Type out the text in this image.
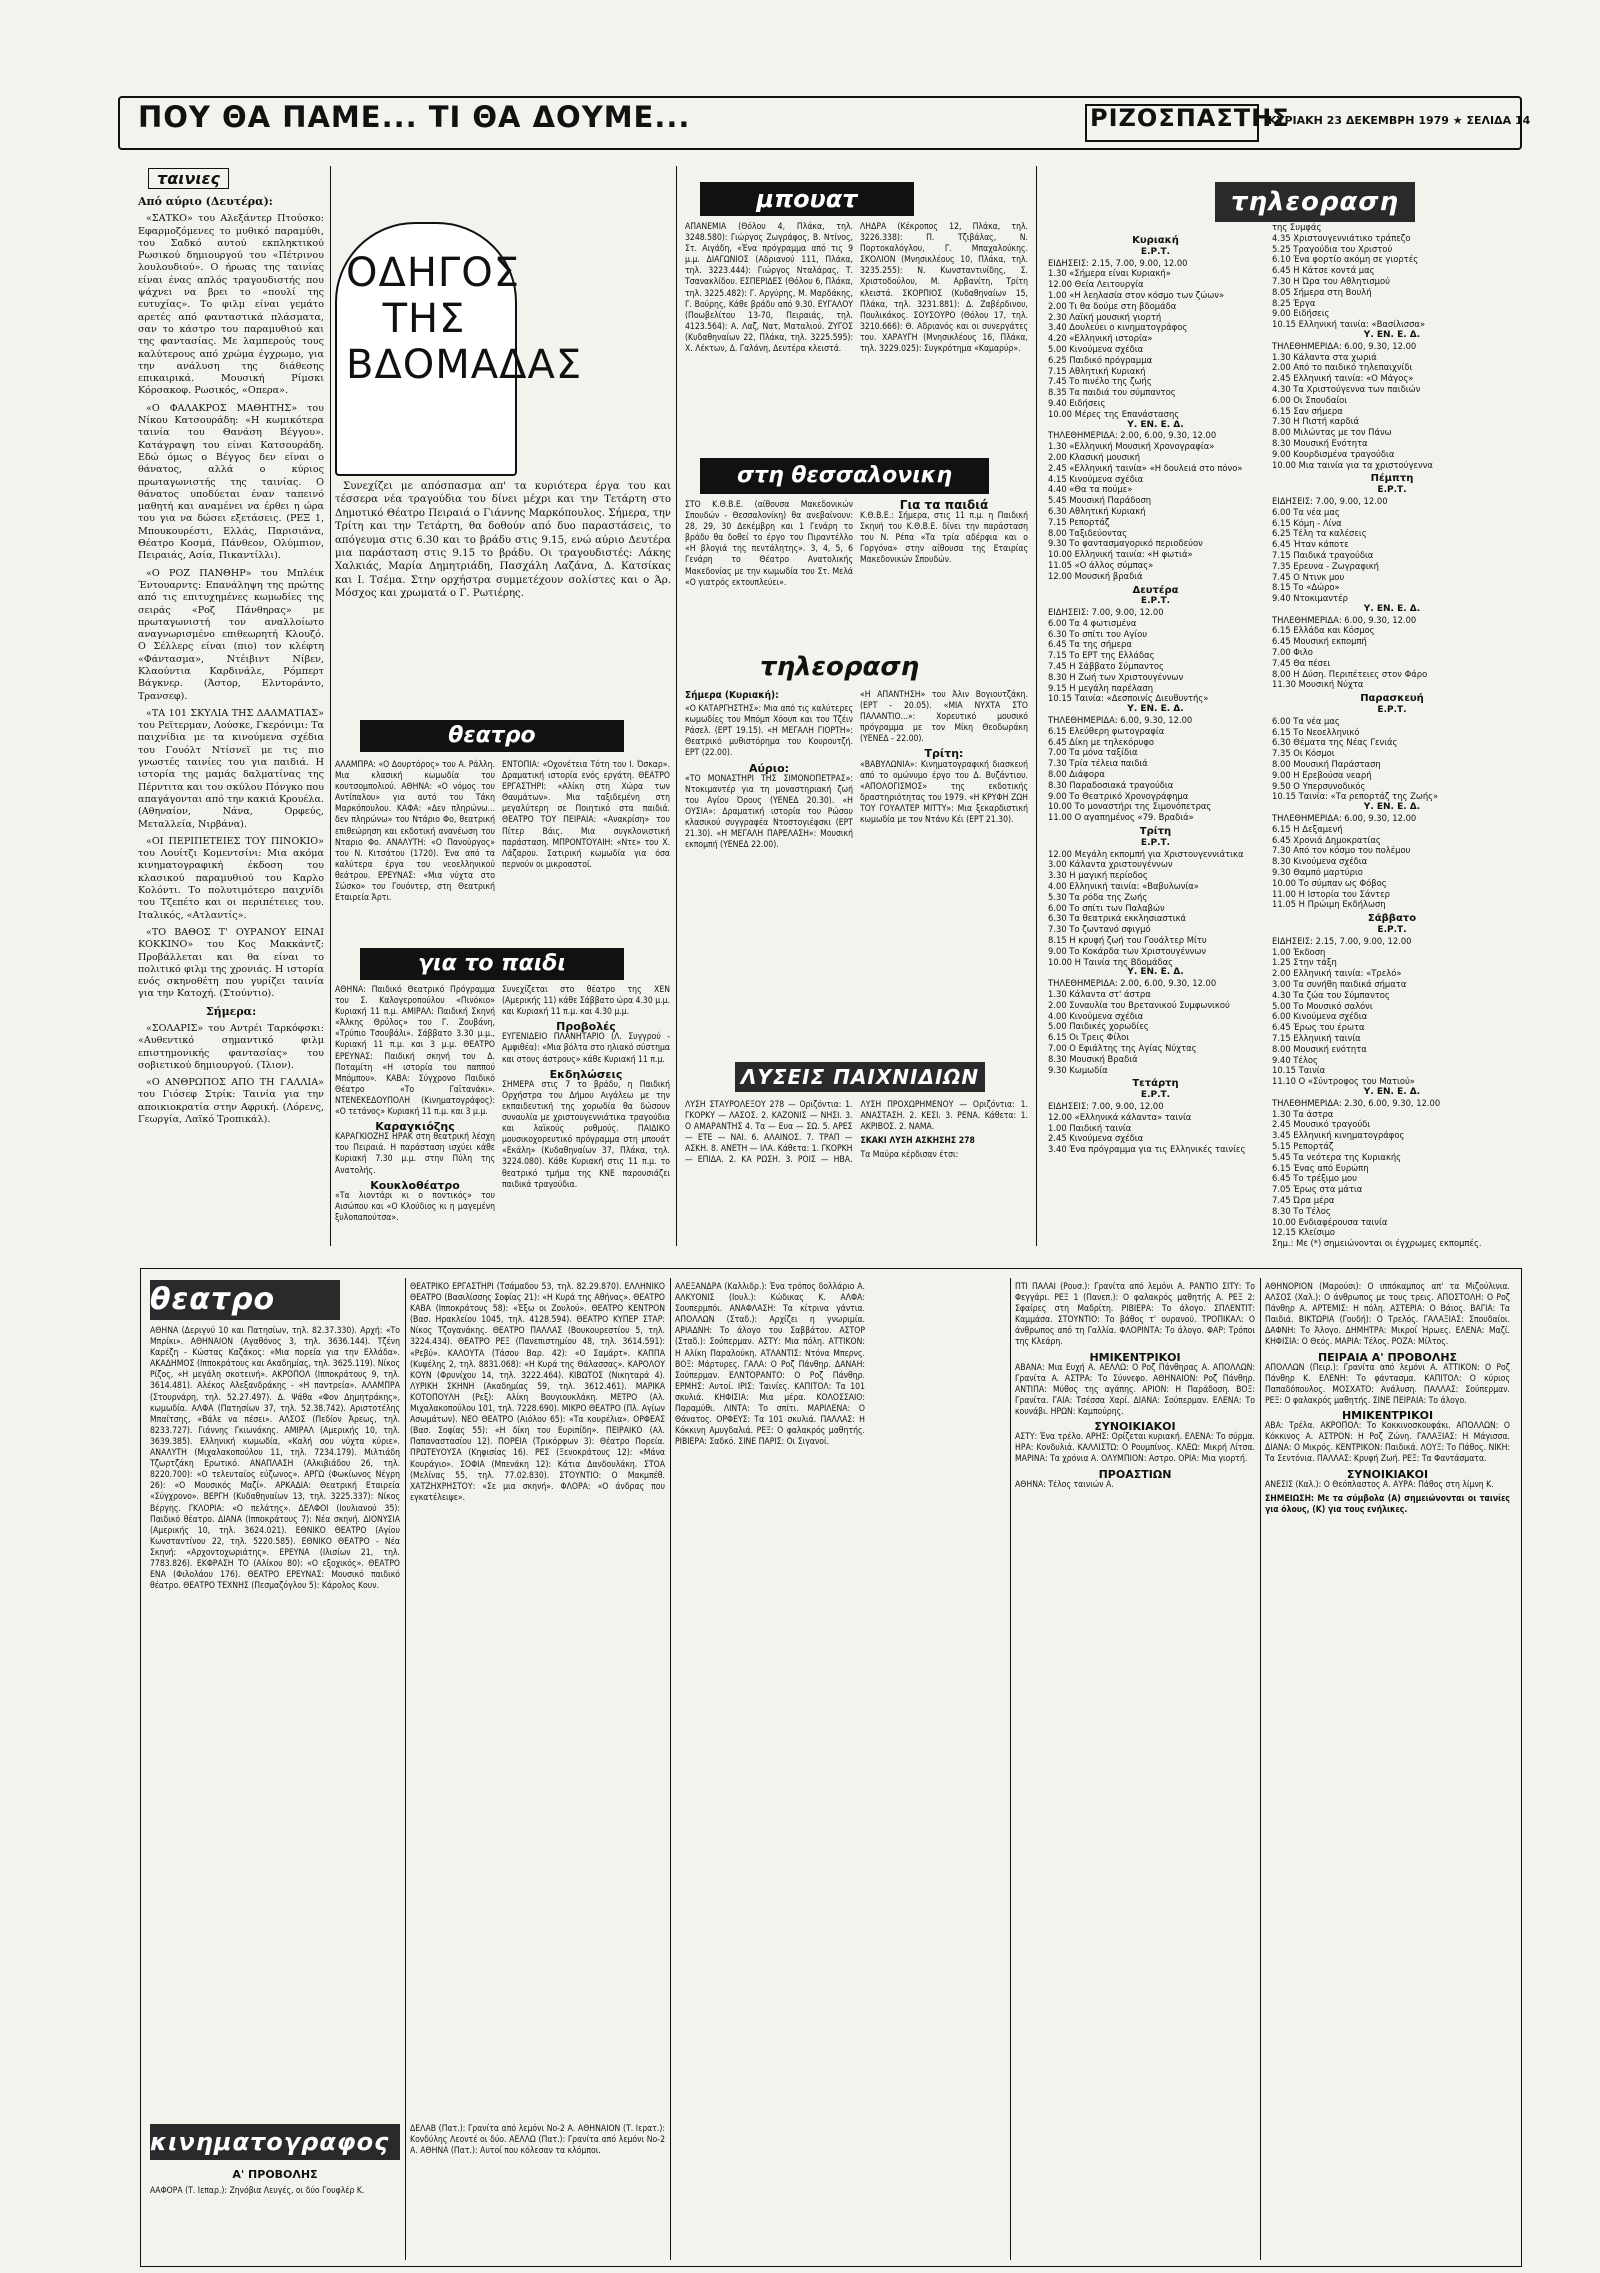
ΠΟΥ ΘΑ ΠΑΜΕ... ΤΙ ΘΑ ΔΟΥΜΕ...	ΡΙΖΟΣΠΑΣΤΗΣ
ΚΥΡΙΑΚΗ 23 ΔΕΚΕΜΒΡΗ 1979 ★ ΣΕΛΙΔΑ 14
ταινιες

Από αύριο (Δευτέρα):

«ΣΑΤΚΟ» του Αλεξάντερ Πτούσκο: Εφαρμοζόμενες το μυθικό παραμύθι, του Σαδκό αυτού εκπληκτικού Ρωσικού δημιουργού του «Πέτρινου λουλουδιού». Ο ήρωας της ταινίας είναι ένας απλός τραγουδιστής που ψάχνει να βρει το «πουλί της ευτυχίας». Το φιλμ είναι γεμάτο αρετές από φανταστικά πλάσματα, σαν το κάστρο του παραμυθιού και της φαντασίας. Με λαμπερούς τους καλύτερους από χρώμα έγχρωμο, για την ανάλυση της διάθεσης επικαιρικά. Μουσική Ρίμσκι Κόρσακοφ. Ρωσικός, «Οπερα».

«Ο ΦΑΛΑΚΡΟΣ ΜΑΘΗΤΗΣ» του Νίκου Κατσουράδη: «Η κωμικότερα ταινία του Θανάση Βέγγου». Κατάγραψη του είναι Κατσουράδη. Εδώ όμως ο Βέγγος δεν είναι ο θάνατος, αλλά ο κύριος πρωταγωνιστής της ταινίας. Ο θάνατος υποδύεται έναν ταπεινό μαθητή και αναμένει να έρθει η ώρα του για να δώσει εξετάσεις. (ΡΕΞ 1, Μπουκουρέστι, Ελλάς, Παρισιάνα, Θέατρο Κοσμά, Πάνθεον, Ολύμπιον, Πειραιάς, Ασία, Πικαντίλλι).

«Ο ΡΟΖ ΠΑΝΘΗΡ» του Μπλέικ Έντουαρντς: Επανάληψη της πρώτης από τις επιτυχημένες κωμωδίες της σειράς «Ροζ Πάνθηρας» με πρωταγωνιστή τον αναλλοίωτο αναγνωρισμένο επιθεωρητή Κλουζό. Ο Σέλλερς είναι (πιο) τον κλέφτη «Φάντασμα», Ντέιβιντ Νίβεν, Κλαούντια Καρδινάλε, Ρόμπερτ Βάγκνερ. (Άστορ, Ελντοράντο, Τρανσεφ).

«ΤΑ 101 ΣΚΥΛΙΑ ΤΗΣ ΔΑΛΜΑΤΙΑΣ» του Ρεϊτερμαν, Λούσκε, Γκερόνιμι: Τα παιχνίδια με τα κινούμενα σχέδια του Γουόλτ Ντίσνεϊ με τις πιο γνωστές ταινίες του για παιδιά. Η ιστορία της μαμάς δαλματίνας της Πέρντιτα και του σκύλου Πόνγκο που απαγάγονται από την κακιά Κρουέλα. (Αθηναίον, Νάνα, Ορφεύς, Μεταλλεία, Νιρβάνα).

«ΟΙ ΠΕΡΙΠΕΤΕΙΕΣ ΤΟΥ ΠΙΝΟΚΙΟ» του Λουίτζι Κομεντσίνι: Μια ακόμα κινηματογραφική έκδοση του κλασικού παραμυθιού του Καρλο Κολόντι. Το πολυτιμότερο παιχνίδι του Τζεπέτο και οι περιπέτειες του. Ιταλικός, «Ατλαντίς».

«ΤΟ ΒΑΘΟΣ Τ' ΟΥΡΑΝΟΥ ΕΙΝΑΙ ΚΟΚΚΙΝΟ» του Κος Μακκάντζ: Προβάλλεται και θα είναι το πολιτικό φιλμ της χρονιάς. Η ιστορία ενός σκηνοθέτη που γυρίζει ταινία για την Κατοχή. (Στούντιο).

Σήμερα:

«ΣΟΛΑΡΙΣ» του Αντρέι Ταρκόφσκι: «Αυθεντικό σημαντικό φιλμ επιστημονικής φαντασίας» του σοβιετικού δημιουργού. (Ίλιον).

«Ο ΑΝΘΡΩΠΟΣ ΑΠΟ ΤΗ ΓΑΛΛΙΑ» του Γιόσεφ Στρίκ: Ταινία για την αποικιοκρατία στην Αφρική. (Λόρενς, Γεωργία, Λαϊκό Τροπικάλ).

ΟΔΗΓΟΣ
ΤΗΣ
ΒΔΟΜΑΔΑΣ

Συνεχίζει με απόσπασμα απ' τα κυριότερα έργα του και τέσσερα νέα τραγούδια του δίνει μέχρι και την Τετάρτη στο Δημοτικό Θέατρο Πειραιά ο Γιάννης Μαρκόπουλος. Σήμερα, την Τρίτη και την Τετάρτη, θα δοθούν από δυο παραστάσεις, το απόγευμα στις 6.30 και το βράδυ στις 9.15, ενώ αύριο Δευτέρα μια παράσταση στις 9.15 το βράδυ. Οι τραγουδιστές: Λάκης Χαλκιάς, Μαρία Δημητριάδη, Πασχάλη Λαζάνα, Δ. Κατσίκας και Ι. Τσέμα. Στην ορχήστρα συμμετέχουν σολίστες και ο Άρ. Μόσχος και χρωματά ο Γ. Ρωτιέρης.

θεατρο

ΑΛΑΜΠΡΑ: «Ο Δουρτόρος» του Α. Ράλλη. Μια κλασική κωμωδία του κουτσομπολιού. ΑΘΗΝΑ: «Ο νόμος του Αντίπαλου» για αυτό του Τάκη Μαρκόπουλου. ΚΑΦΑ: «Δεν πληρώνω... δεν πληρώνω» του Ντάριο Φο, θεατρική επιθεώρηση και εκδοτική ανανέωση του Νταριο Φο. ΑΝΑΛΥΤΗ: «Ο Πανούργος» του Ν. Κιτσάτου (1720). Ένα από τα καλύτερα έργα του νεοελληνικού θεάτρου. ΕΡΕΥΝΑΣ: «Μια νύχτα στο Σώσκο» του Γουόντερ, στη Θεατρική Εταιρεία Άρτι.

ΕΝΤΟΠΙΑ: «Οχονέτεια Τότη του Ι. Όσκαρ». Δραματική ιστορία ενός εργάτη. ΘΕΑΤΡΟ ΕΡΓΑΣΤΗΡΙ: «Αλίκη στη Χώρα των Θαυμάτων». Μια ταξιδεμένη στη μεγαλύτερη σε Ποιητικό στα παιδιά. ΘΕΑΤΡΟ ΤΟΥ ΠΕΙΡΑΙΑ: «Ανακρίση» του Πίτερ Βάις. Μια συγκλονιστική παράσταση. ΜΠΡΟΝΤΟΥΑΙΗ: «Ντε» του Χ. Λάζαρου. Σατιρική κωμωδία για όσα περνούν οι μικροαστοί.

για το παιδι

ΑΘΗΝΑ: Παιδικό Θεατρικό Πρόγραμμα του Σ. Καλογεροπούλου «Πινόκιο» Κυριακή 11 π.μ. ΑΜΙΡΑΛ: Παιδική Σκηνή «Άλκης Θρύλος» του Γ. Ζουβάνη, «Τρύπιο Τσουβάλι». Σάββατο 3.30 μ.μ., Κυριακή 11 π.μ. και 3 μ.μ. ΘΕΑΤΡΟ ΕΡΕΥΝΑΣ: Παιδική σκηνή του Δ. Ποταμίτη «Η ιστορία του παππού Μπόμπου». ΚΑΒΑ: Σύγχρονο Παιδικό Θέατρο «Το Γαϊτανάκι». ΝΤΕΝΕΚΕΔΟΥΠΟΛΗ (Κινηματογράφος): «Ο τετάνος» Κυριακή 11 π.μ. και 3 μ.μ.

Καραγκιόζης

ΚΑΡΑΓΚΙΟΖΗΣ ΗΡΑΚ στη θεατρική λέσχη του Πειραιά. Η παράσταση ισχύει κάθε Κυριακή 7.30 μ.μ. στην Πύλη της Ανατολής.

Κουκλοθέατρο

«Τα λιοντάρι κι ο ποντικός» του Αισώπου και «Ο Κλούδιος κι η μαγεμένη ξυλοπαπούτσα».

Συνεχίζεται στο θέατρο της ΧΕΝ (Αμερικής 11) κάθε Σάββατο ώρα 4.30 μ.μ. και Κυριακή 11 π.μ. και 4.30 μ.μ.

Προβολές

ΕΥΓΕΝΙΔΕΙΟ ΠΛΑΝΗΤΑΡΙΟ (Λ. Συγγρού - Αμφιθέα): «Μια βόλτα στο ηλιακό σύστημα και στους άστρους» κάθε Κυριακή 11 π.μ.

Εκδηλώσεις

ΣΗΜΕΡΑ στις 7 το βράδυ, η Παιδική Ορχήστρα του Δήμου Αιγάλεω με την εκπαιδευτική της χορωδία θα δώσουν συναυλία με χριστουγεννιάτικα τραγούδια και λαϊκούς ρυθμούς. ΠΑΙΔΙΚΟ μουσικοχορευτικό πρόγραμμα στη μπουάτ «Εκάλη» (Κυδαθηναίων 37, Πλάκα, τηλ. 3224.080). Κάθε Κυριακή στις 11 π.μ. το θεατρικό τμήμα της ΚΝΕ παρουσιάζει παιδικά τραγούδια.

μπουατ

ΑΠΑΝΕΜΙΑ (Θόλου 4, Πλάκα, τηλ. 3248.580): Γιώργος Ζωγράφος, Β. Ντίνος, Στ. Αιγάδη, «Ένα πρόγραμμα από τις 9 μ.μ. ΔΙΑΓΩΝΙΟΣ (Αδριανού 111, Πλάκα, τηλ. 3223.444): Γιώργος Νταλάρας, Τ. Τσανακλίδου. ΕΣΠΕΡΙΔΕΣ (Θόλου 6, Πλάκα, τηλ. 3225.482): Γ. Αργύρης, Μ. Μαρδάκης, Γ. Βούρης, Κάθε βράδυ από 9.30. ΕΥΓΑΛΟΥ (Ποωβελίτου 13-70, Πειραιάς, τηλ. 4123.564): Α. Λαζ, Νατ, Ματαλιού. ΖΥΓΟΣ (Κυδαθηναίων 22, Πλάκα, τηλ. 3225.595): Χ. Λέκτων, Δ. Γαλάνη, Δευτέρα κλειστά.

ΛΗΔΡΑ (Κέκροπος 12, Πλάκα, τηλ. 3226.338): Π. Τζιβάλας, Ν. Πορτοκαλόγλου, Γ. Μπαχαλούκης. ΣΚΟΛΙΟΝ (Μνησικλέους 10, Πλάκα, τηλ. 3235.255): Ν. Κωνσταντινίδης, Σ. Χριστοδούλου, Μ. Αρβανίτη, Τρίτη κλειστά. ΣΚΟΡΠΙΟΣ (Κυδαθηναίων 15, Πλάκα, τηλ. 3231.881): Δ. Ζαβέρδινου, Πουλικάκος. ΣΟΥΣΟΥΡΟ (Θόλου 17, τηλ. 3210.666): Θ. Αδριανός και οι συνεργάτες του. ΧΑΡΑΥΓΗ (Μνησικλέους 16, Πλάκα, τηλ. 3229.025): Συγκρότημα «Καμαρύρ».

στη θεσσαλονικη

ΣΤΟ Κ.Θ.Β.Ε. (αίθουσα Μακεδονικών Σπουδών - Θεσσαλονίκη) θα ανεβαίνουν: 28, 29, 30 Δεκέμβρη και 1 Γενάρη το βράδυ θα δοθεί το έργο του Πιραντέλλο «Η βλογιά της πεντάλητης». 3, 4, 5, 6 Γενάρη το Θέατρο Ανατολικής Μακεδονίας με την κωμωδία του Στ. Μελά «Ο γιατρός εκτουπλεύει».

Για τα παιδιά

Κ.Θ.Β.Ε.: Σήμερα, στις 11 π.μ. η Παιδική Σκηνή του Κ.Θ.Β.Ε. δίνει την παράσταση του Ν. Ρέπα «Τα τρία αδέρφια και ο Γοργόνα» στην αίθουσα της Εταιρίας Μακεδονικών Σπουδών.

τηλεοραση

Σήμερα (Κυριακή):

«Ο ΚΑΤΑΡΓΗΣΤΗΣ»: Μια από τις καλύτερες κωμωδίες του Μπόμπ Χόουπ και του Τζέιν Ράσελ. (ΕΡΤ 19.15). «Η ΜΕΓΑΛΗ ΓΙΟΡΤΗ»: Θεατρικό μυθιστόρημα του Κουρουτζή. ΕΡΤ (22.00).

Αύριο:

«ΤΟ ΜΟΝΑΣΤΗΡΙ ΤΗΣ ΣΙΜΟΝΟΠΕΤΡΑΣ»: Ντοκιμαντέρ για τη μοναστηριακή ζωή του Αγίου Όρους (ΥΕΝΕΔ 20.30). «Η ΟΥΣΙΑ»: Δραματική ιστορία του Ρώσου κλασικού συγγραφέα Ντοστογιέφσκι (ΕΡΤ 21.30). «Η ΜΕΓΑΛΗ ΠΑΡΕΛΑΣΗ»: Μουσική εκπομπή (ΥΕΝΕΔ 22.00).

«Η ΑΠΑΝΤΗΣΗ» του Άλιν Βογιουτζάκη. (ΕΡΤ - 20.05). «ΜΙΑ ΝΥΧΤΑ ΣΤΟ ΠΑΛΑΝΤΙΟ...»: Χορευτικό μουσικό πρόγραμμα με τον Μίκη Θεοδωράκη (ΥΕΝΕΔ - 22.00).

Τρίτη:

«ΒΑΒΥΛΩΝΙΑ»: Κινηματογραφική διασκευή από το ομώνυμο έργο του Δ. Βυζάντιου. «ΑΠΟΛΟΓΙΣΜΟΣ» της εκδοτικής δραστηριότητας του 1979. «Η ΚΡΥΦΗ ΖΩΗ ΤΟΥ ΓΟΥΑΛΤΕΡ ΜΙΤΤΥ»: Μια ξεκαρδιστική κωμωδία με τον Ντάνυ Κέι (ΕΡΤ 21.30).

ΛΥΣΕΙΣ ΠΑΙΧΝΙΔΙΩΝ

ΛΥΣΗ ΣΤΑΥΡΟΛΕΞΟΥ 278 — Οριζόντια: 1. ΓΚΟΡΚΥ — ΛΑΣΟΣ. 2. ΚΑΖΟΝΙΣ — ΝΗΣΙ. 3. Ο ΑΜΑΡΑΝΤΗΣ 4. Τα — Ευα — ΣΩ. 5. ΑΡΕΣ — ΕΤΕ — ΝΑΙ. 6. ΑΛΑΙΝΟΣ. 7. ΤΡΑΠ — ΑΣΚΗ. 8. ΑΝΕΤΗ — ΙΛΑ. Κάθετα: 1. ΓΚΟΡΚΗ — ΕΠΙΔΑ. 2. ΚΑ ΡΩΣΗ. 3. ΡΟΙΣ — ΗΒΑ. ΛΥΣΗ ΠΡΟΧΩΡΗΜΕΝΟΥ — Οριζόντια: 1. ΑΝΑΣΤΑΣΗ. 2. ΚΕΣΙ. 3. ΡΕΝΑ. Κάθετα: 1. ΑΚΡΙΒΟΣ. 2. ΝΑΜΑ.

ΣΚΑΚΙ ΛΥΣΗ ΑΣΚΗΣΗΣ 278

Τα Μαύρα κέρδισαν έτσι:

τηλεοραση
Κυριακή
Ε.Ρ.Τ.
ΕΙΔΗΣΕΙΣ: 2.15, 7.00, 9.00, 12.00
1.30 «Σήμερα είναι Κυριακή»
12.00 Θεία Λειτουργία
1.00 «Η λεηλασία στον κόσμο των ζώων»
2.00 Τι θα δούμε στη βδομάδα
2.30 Λαϊκή μουσική γιορτή
3.40 Δουλεύει ο κινηματογράφος
4.20 «Ελληνική ιστορία»
5.00 Κινούμενα σχέδια
6.25 Παιδικό πρόγραμμα
7.15 Αθλητική Κυριακή
7.45 Το πινέλο της ζωής
8.35 Τα παιδιά του σύμπαντος
9.40 Ειδήσεις
10.00 Μέρες της Επανάστασης
Υ. ΕΝ. Ε. Δ.
ΤΗΛΕΘΗΜΕΡΙΔΑ: 2.00, 6.00, 9.30, 12.00
1.30 «Ελληνική Μουσική Χρονογραφία»
2.00 Κλασική μουσική
2.45 «Ελληνική ταινία» «Η δουλειά στο πόνο»
4.15 Κινούμενα σχέδια
4.40 «Θα τα πούμε»
5.45 Μουσική Παράδοση
6.30 Αθλητική Κυριακή
7.15 Ρεπορτάζ
8.00 Ταξιδεύοντας
9.30 Το φαντασμαγορικό περιοδεύον
10.00 Ελληνική ταινία: «Η φωτιά»
11.05 «Ο άλλος σύμπας»
12.00 Μουσική βραδιά
Δευτέρα
Ε.Ρ.Τ.
ΕΙΔΗΣΕΙΣ: 7.00, 9.00, 12.00
6.00 Τα 4 φωτισμένα
6.30 Το σπίτι του Αγίου
6.45 Τα της σήμερα
7.15 Το ΕΡΤ της Ελλάδας
7.45 Η Σάββατο Σύμπαντος
8.30 Η Ζωή των Χριστουγέννων
9.15 Η μεγάλη παρέλαση
10.15 Ταινία: «Δεσποινίς Διευθυντής»
Υ. ΕΝ. Ε. Δ.
ΤΗΛΕΘΗΜΕΡΙΔΑ: 6.00, 9.30, 12.00
6.15 Ελεύθερη φωτογραφία
6.45 Δίκη με τηλεκόρυφο
7.00 Τα μόνα ταξίδια
7.30 Τρία τέλεια παιδιά
8.00 Διάφορα
8.30 Παραδοσιακά τραγούδια
9.00 Το Θεατρικό Χρονογράφημα
10.00 Το μοναστήρι της Σιμονόπετρας
11.00 Ο αγαπημένος «79. Βραδιά»
Τρίτη
Ε.Ρ.Τ.
12.00 Μεγάλη εκπομπή για Χριστουγεννιάτικα
3.00 Κάλαντα χριστουγέννων
3.30 Η μαγική περίοδος
4.00 Ελληνική ταινία: «Βαβυλωνία»
5.30 Τα ρόδα της Ζωής
6.00 Το σπίτι των Παλαβών
6.30 Τα θεατρικά εκκλησιαστικά
7.30 Το ζωντανό σφιγμό
8.15 Η κρυφή ζωή του Γουάλτερ Μίτυ
9.00 Το Κοκάρδα των Χριστουγέννων
10.00 Η Ταινία της Βδομάδας
Υ. ΕΝ. Ε. Δ.
ΤΗΛΕΘΗΜΕΡΙΔΑ: 2.00, 6.00, 9.30, 12.00
1.30 Κάλαντα στ' άστρα
2.00 Συναυλία του Βρετανικού Συμφωνικού
4.00 Κινούμενα σχέδια
5.00 Παιδικές χορωδίες
6.15 Οι Τρεις Φίλοι
7.00 Ο Εφιάλτης της Αγίας Νύχτας
8.30 Μουσική Βραδιά
9.30 Κωμωδία
Τετάρτη
Ε.Ρ.Τ.
ΕΙΔΗΣΕΙΣ: 7.00, 9.00, 12.00
12.00 «Ελληνικά κάλαντα» ταινία
1.00 Παιδική ταινία
2.45 Κινούμενα σχέδια
3.40 Ένα πρόγραμμα για τις Ελληνικές ταινίες
της Συμφάς
4.35 Χριστουγεννιάτικο τράπεζο
5.25 Τραγούδια του Χριστού
6.10 Ένα φορτίο ακόμη σε γιορτές
6.45 Η Κάτσε κοντά μας
7.30 Η Ώρα του Αθλητισμού
8.05 Σήμερα στη Βουλή
8.25 Έργα
9.00 Ειδήσεις
10.15 Ελληνική ταινία: «Βασίλισσα»
Υ. ΕΝ. Ε. Δ.
ΤΗΛΕΘΗΜΕΡΙΔΑ: 6.00, 9.30, 12.00
1.30 Κάλαντα στα χωριά
2.00 Από το παιδικό τηλεπαιχνίδι
2.45 Ελληνική ταινία: «Ο Μάγος»
4.30 Τα Χριστούγεννα των παιδιών
6.00 Οι Σπουδαίοι
6.15 Σαν σήμερα
7.30 Η Πιστή καρδιά
8.00 Μιλώντας με τον Πάνω
8.30 Μουσική Ενότητα
9.00 Κουρδισμένα τραγούδια
10.00 Μια ταινία για τα χριστούγεννα
Πέμπτη
Ε.Ρ.Τ.
ΕΙΔΗΣΕΙΣ: 7.00, 9.00, 12.00
6.00 Τα νέα μας
6.15 Κόμη - Λίνα
6.25 Τέλη τα καλέσεις
6.45 Ήταν κάποτε
7.15 Παιδικά τραγούδια
7.35 Ερευνα - Ζωγραφική
7.45 Ο Ντινκ μου
8.15 Το «Δώρο»
9.40 Ντοκιμαντέρ
Υ. ΕΝ. Ε. Δ.
ΤΗΛΕΘΗΜΕΡΙΔΑ: 6.00, 9.30, 12.00
6.15 Ελλάδα και Κόσμος
6.45 Μουσική εκπομπή
7.00 Φιλο
7.45 Θα πέσει
8.00 Η Δύση. Περιπέτειες στον Φάρο
11.30 Μουσική Νύχτα
Παρασκευή
Ε.Ρ.Τ.
6.00 Τα νέα μας
6.15 Το Νεοελληνικό
6.30 Θέματα της Νέας Γενιάς
7.35 Οι Κόσμοι
8.00 Μουσική Παράσταση
9.00 Η Ερεβούσα νεαρή
9.50 Ο Υπερσυνοδικός
10.15 Ταινία: «Τα ρεπορτάζ της Ζωής»
Υ. ΕΝ. Ε. Δ.
ΤΗΛΕΘΗΜΕΡΙΔΑ: 6.00, 9.30, 12.00
6.15 Η Δεξαμενή
6.45 Χρονιά Δημοκρατίας
7.30 Από τον κόσμο του πολέμου
8.30 Κινούμενα σχέδια
9.30 Θαμπό μαρτύριο
10.00 Το σύμπαν ως Φόβος
11.00 Η Ιστορία του Σάντερ
11.05 Η Πρώιμη Εκδήλωση
Σάββατο
Ε.Ρ.Τ.
ΕΙΔΗΣΕΙΣ: 2.15, 7.00, 9.00, 12.00
1.00 Έκδοση
1.25 Στην τάξη
2.00 Ελληνική ταινία: «Τρελό»
3.00 Τα συνήθη παιδικά σήματα
4.30 Τα ζώα του Σύμπαντος
5.00 Το Μουσικό σαλόνι
6.00 Κινούμενα σχέδια
6.45 Έρως του έρωτα
7.15 Ελληνική ταινία
8.00 Μουσική ενότητα
9.40 Τέλος
10.15 Ταινία
11.10 Ο «Σύντροφος του Ματιού»
Υ. ΕΝ. Ε. Δ.
ΤΗΛΕΘΗΜΕΡΙΔΑ: 2.30, 6.00, 9.30, 12.00
1.30 Τα άστρα
2.45 Μουσικό τραγούδι
3.45 Ελληνική κινηματογράφος
5.15 Ρεπορτάζ
5.45 Τα νεότερα της Κυριακής
6.15 Ένας από Ευρώπη
6.45 Το τρέξιμο μου
7.05 Έρως στα μάτια
7.45 Ώρα μέρα
8.30 Το Τέλος
10.00 Ενδιαφέρουσα ταινία
12.15 Κλείσιμο
Σημ.: Με (*) σημειώνονται οι έγχρωμες εκπομπές.
θεατρο

ΑΘΗΝΑ (Δεριγνύ 10 και Πατησίων, τηλ. 82.37.330). Αρχή: «Το Μπρίκι». ΑΘΗΝΑΙΟΝ (Αγαθόνος 3, τηλ. 3636.144). Τζένη Καρέζη - Κώστας Καζάκος: «Μια πορεία για την Ελλάδα». ΑΚΑΔΗΜΟΣ (Ιπποκράτους και Ακαδημίας, τηλ. 3625.119). Νίκος Ρίζος, «Η μεγάλη σκοτεινή». ΑΚΡΟΠΟΛ (Ιπποκράτους 9, τηλ. 3614.481). Αλέκος Αλεξανδράκης - «Η παντρεία». ΑΛΑΜΠΡΑ (Στουρνάρη, τηλ. 52.27.497). Δ. Ψάθα «Φον Δημητράκης», κωμωδία. ΑΛΦΑ (Πατησίων 37, τηλ. 52.38.742). Αριστοτέλης Μπαίτσης, «Βάλε να πέσει». ΑΛΣΟΣ (Πεδίον Άρεως, τηλ. 8233.727). Γιάννης Γκιωνάκης. ΑΜΙΡΑΛ (Αμερικής 10, τηλ. 3639.385). Ελληνική κωμωδία, «Καλή σου νύχτα κύριε». ΑΝΑΛΥΤΗ (Μιχαλακοπούλου 11, τηλ. 7234.179). Μιλτιάδη Τζωρτζάκη Ερωτικό. ΑΝΑΠΛΑΣΗ (Αλκιβιάδου 26, τηλ. 8220.700): «Ο τελευταίος εύζωνος». ΑΡΓΩ (Φωκίωνος Νέγρη 26): «Ο Μουσικός Μαζί». ΑΡΚΑΔΙΑ: Θεατρική Εταιρεία «Σύγχρονο». ΒΕΡΓΗ (Κυδαθηναίων 13, τηλ. 3225.337): Νίκος Βέργης. ΓΚΛΟΡΙΑ: «Ο πελάτης». ΔΕΛΦΟΙ (Ιουλιανού 35): Παιδικό θέατρο. ΔΙΑΝΑ (Ιπποκράτους 7): Νέα σκηνή. ΔΙΟΝΥΣΙΑ (Αμερικής 10, τηλ. 3624.021). ΕΘΝΙΚΟ ΘΕΑΤΡΟ (Αγίου Κωνσταντίνου 22, τηλ. 5220.585). ΕΘΝΙΚΟ ΘΕΑΤΡΟ - Νέα Σκηνή: «Αρχοντοχωριάτης». ΕΡΕΥΝΑ (Ιλισίων 21, τηλ. 7783.826). ΕΚΦΡΑΣΗ ΤΟ (Αλίκου 80): «Ο εξοχικός». ΘΕΑΤΡΟ ΕΝΑ (Φιλολάου 176). ΘΕΑΤΡΟ ΕΡΕΥΝΑΣ: Μουσικό παιδικό θέατρο. ΘΕΑΤΡΟ ΤΕΧΝΗΣ (Πεσμαζόγλου 5): Κάρολος Κουν.

ΘΕΑΤΡΙΚΟ ΕΡΓΑΣΤΗΡΙ (Τσάμαδου 53, τηλ. 82.29.870). ΕΛΛΗΝΙΚΟ ΘΕΑΤΡΟ (Βασιλίσσης Σοφίας 21): «Η Κυρά της Αθήνας». ΘΕΑΤΡΟ ΚΑΒΑ (Ιπποκράτους 58): «Έξω οι Ζουλού». ΘΕΑΤΡΟ ΚΕΝΤΡΟΝ (Βασ. Ηρακλείου 1045, τηλ. 4128.594). ΘΕΑΤΡΟ ΚΥΠΕΡ ΣΤΑΡ: Νίκος Τζογανάκης. ΘΕΑΤΡΟ ΠΑΛΛΑΣ (Βουκουρεστίου 5, τηλ. 3224.434). ΘΕΑΤΡΟ ΡΕΞ (Πανεπιστημίου 48, τηλ. 3614.591): «Ρεβύ». ΚΑΛΟΥΤΑ (Τάσου Βαρ. 42): «Ο Σαμάρτ». ΚΑΠΠΑ (Κυψέλης 2, τηλ. 8831.068): «Η Κυρά της Θάλασσας». ΚΑΡΟΛΟΥ ΚΟΥΝ (Φρυνίχου 14, τηλ. 3222.464). ΚΙΒΩΤΟΣ (Νικηταρά 4). ΛΥΡΙΚΗ ΣΚΗΝΗ (Ακαδημίας 59, τηλ. 3612.461). ΜΑΡΙΚΑ ΚΟΤΟΠΟΥΛΗ (Ρεξ): Αλίκη Βουγιουκλάκη. ΜΕΤΡΟ (Αλ. Μιχαλακοπούλου 101, τηλ. 7228.690). ΜΙΚΡΟ ΘΕΑΤΡΟ (Πλ. Αγίων Ασωμάτων). ΝΕΟ ΘΕΑΤΡΟ (Αιόλου 65): «Τα κουρέλια». ΟΡΦΕΑΣ (Βασ. Σοφίας 55): «Η δίκη του Ευριπίδη». ΠΕΙΡΑΙΚΟ (Αλ. Παπαναστασίου 12). ΠΟΡΕΙΑ (Τρικόρφων 3): Θέατρο Πορεία. ΠΡΩΤΕΥΟΥΣΑ (Κηφισίας 16). ΡΕΣ (Ξενοκράτους 12): «Μάνα Κουράγιο». ΣΟΦΙΑ (Μπενάκη 12): Κάτια Δανδουλάκη. ΣΤΟΑ (Μελίνας 55, τηλ. 77.02.830). ΣΤΟΥΝΤΙΟ: Ο Μακμπέθ. ΧΑΤΖΗΧΡΗΣΤΟΥ: «Σε μια σκηνή». ΦΛΟΡΑ: «Ο άνδρας που εγκατέλειψε».

ΑΛΕΞΑΝΔΡΑ (Καλλιδρ.): Ένα τρόπος δολλάριο Α. ΑΛΚΥΟΝΙΣ (Ιουλ.): Κώδικας Κ. ΑΛΦΑ: Σουπερμπόι. ΑΝΑΦΛΑΣΗ: Τα κίτρινα γάντια. ΑΠΟΛΛΩΝ (Σταδ.): Αρχίζει η γνωριμία. ΑΡΙΑΔΝΗ: Το άλογο του Σαββάτου. ΑΣΤΟΡ (Σταδ.): Σούπερμαν. ΑΣΤΥ: Μια πόλη. ΑΤΤΙΚΟΝ: Η Αλίκη Παραλούκη. ΑΤΛΑΝΤΙΣ: Ντόνα Μπερνς. ΒΟΞ: Μάρτυρες. ΓΑΛΑ: Ο Ροζ Πάνθηρ. ΔΑΝΑΗ: Σούπερμαν. ΕΛΝΤΟΡΑΝΤΟ: Ο Ροζ Πάνθηρ. ΕΡΜΗΣ: Αυτοί. ΙΡΙΣ: Ταινίες. ΚΑΠΙΤΟΛ: Τα 101 σκυλιά. ΚΗΦΙΣΙΑ: Μια μέρα. ΚΟΛΟΣΣΑΙΟ: Παραμύθι. ΛΙΝΤΑ: Το σπίτι. ΜΑΡΙΛΕΝΑ: Ο Θάνατος. ΟΡΦΕΥΣ: Τα 101 σκυλιά. ΠΑΛΛΑΣ: Η Κόκκινη Αμυγδαλιά. ΡΕΞ: Ο φαλακρός μαθητής. ΡΙΒΙΕΡΑ: Σαδκό. ΣΙΝΕ ΠΑΡΙΣ: Οι Σιγανοί.

ΠΤΙ ΠΑΛΑΙ (Ρουσ.): Γρανίτα από λεμόνι Α. ΡΑΝΤΙΟ ΣΙΤΥ: Το Φεγγάρι. ΡΕΞ 1 (Πανεπ.): Ο φαλακρός μαθητής Α. ΡΕΞ 2: Σφαίρες στη Μαδρίτη. ΡΙΒΙΕΡΑ: Το άλογο. ΣΠΛΕΝΤΙΤ: Καμμάσα. ΣΤΟΥΝΤΙΟ: Το βάθος τ' ουρανού. ΤΡΟΠΙΚΑΛ: Ο άνθρωπος από τη Γαλλία. ΦΛΟΡΙΝΤΑ: Το άλογο. ΦΑΡ: Τρόποι της Κλεάρη.

ΗΜΙΚΕΝΤΡΙΚΟΙ

ΑΒΑΝΑ: Μια Ευχή Α. ΑΕΛΛΩ: Ο Ροζ Πάνθηρας Α. ΑΠΟΛΛΩΝ: Γρανίτα Α. ΑΣΤΡΑ: Το Σύννεφο. ΑΘΗΝΑΙΟΝ: Ροζ Πάνθηρ. ΑΝΤΙΠΑ: Μύθος της αγάπης. ΑΡΙΟΝ: Η Παράδοση. ΒΟΞ: Γρανίτα. ΓΑΙΑ: Τσέσσα Χαρί. ΔΙΑΝΑ: Σούπερμαν. ΕΛΕΝΑ: Το κουνάβι. ΗΡΩΝ: Καμπούρης.

ΣΥΝΟΙΚΙΑΚΟΙ

ΑΣΤΥ: Ένα τρέλο. ΑΡΗΣ: Ορίζεται κυριακή. ΕΛΕΝΑ: Το σύρμα. ΗΡΑ: Κονδυλιά. ΚΑΛΛΙΣΤΩ: Ο Ρουμπίνος. ΚΛΕΩ: Μικρή Λίτσα. ΜΑΡΙΝΑ: Τα χρόνια Α. ΟΛΥΜΠΙΟΝ: Αστρο. ΟΡΙΑ: Μια γιορτή.

ΠΡΟΑΣΤΙΩΝ

ΑΘΗΝΑ: Τέλος ταινιών Α.

ΑΘΗΝΟΡΙΟΝ (Μαρούσι): Ο ιππόκαμπος απ' τα Μιζούλινια. ΑΛΣΟΣ (Χαλ.): Ο άνθρωπος με τους τρεις. ΑΠΟΣΤΟΛΗ: Ο Ροζ Πάνθηρ Α. ΑΡΤΕΜΙΣ: Η πόλη. ΑΣΤΕΡΙΑ: Ο Βάιος. ΒΑΓΙΑ: Τα Παιδιά. ΒΙΚΤΩΡΙΑ (Γουδή): Ο Τρελός. ΓΑΛΑΞΙΑΣ: Σπουδαίοι. ΔΑΦΝΗ: Το Άλογο. ΔΗΜΗΤΡΑ: Μικροί Ήρωες. ΕΛΕΝΑ: Μαζί. ΚΗΦΙΣΙΑ: Ο Θεός. ΜΑΡΙΑ: Τέλος. ΡΟΖΑ: Μίλτος.

ΠΕΙΡΑΙΑ Α' ΠΡΟΒΟΛΗΣ

ΑΠΟΛΛΩΝ (Πειρ.): Γρανίτα από λεμόνι Α. ΑΤΤΙΚΟΝ: Ο Ροζ Πάνθηρ Κ. ΕΛΕΝΗ: Το φάντασμα. ΚΑΠΙΤΟΛ: Ο κύριος Παπαδόπουλος. ΜΟΣΧΑΤΟ: Ανάλυση. ΠΑΛΛΑΣ: Σούπερμαν. ΡΕΞ: Ο φαλακρός μαθητής. ΣΙΝΕ ΠΕΙΡΑΙΑ: Το άλογο.

ΗΜΙΚΕΝΤΡΙΚΟΙ

ΑΒΑ: Τρέλα. ΑΚΡΟΠΟΛ: Το Κοκκινοσκουφάκι. ΑΠΟΛΛΩΝ: Ο Κόκκινος Α. ΑΣΤΡΟΝ: Η Ροζ Ζώνη. ΓΑΛΑΞΙΑΣ: Η Μάγισσα. ΔΙΑΝΑ: Ο Μικρός. ΚΕΝΤΡΙΚΟΝ: Παιδικά. ΛΟΥΞ: Το Πάθος. ΝΙΚΗ: Τα Σεντόνια. ΠΑΛΛΑΣ: Κρυφή Ζωή. ΡΕΞ: Τα Φαντάσματα.

ΣΥΝΟΙΚΙΑΚΟΙ

ΑΝΕΣΙΣ (Καλ.): Ο Θεόπλαστος Α. ΑΥΡΑ: Πάθος στη λίμνη Κ.

ΣΗΜΕΙΩΣΗ: Με τα σύμβολα (Α) σημειώνονται οι ταινίες για όλους, (Κ) για τους ενήλικες.

κινηματογραφος
Α' ΠΡΟΒΟΛΗΣ

ΑΑΦΟΡΑ (Τ. Ιεπαρ.): Ζηνόβια Λευγές, οι δύο Γουφλέρ Κ.

ΔΕΛΑΒ (Πατ.): Γρανίτα από λεμόνι Νο-2 Α. ΑΘΗΝΑΙΟΝ (Τ. Ιερατ.): Κονδύλης Λεοντέ οι δύο. ΑΕΛΛΩ (Πατ.): Γρανίτα από λεμόνι Νο-2 Α. ΑΘΗΝΑ (Πατ.): Αυτοί που κόλεσαν τα κλόμποι.
